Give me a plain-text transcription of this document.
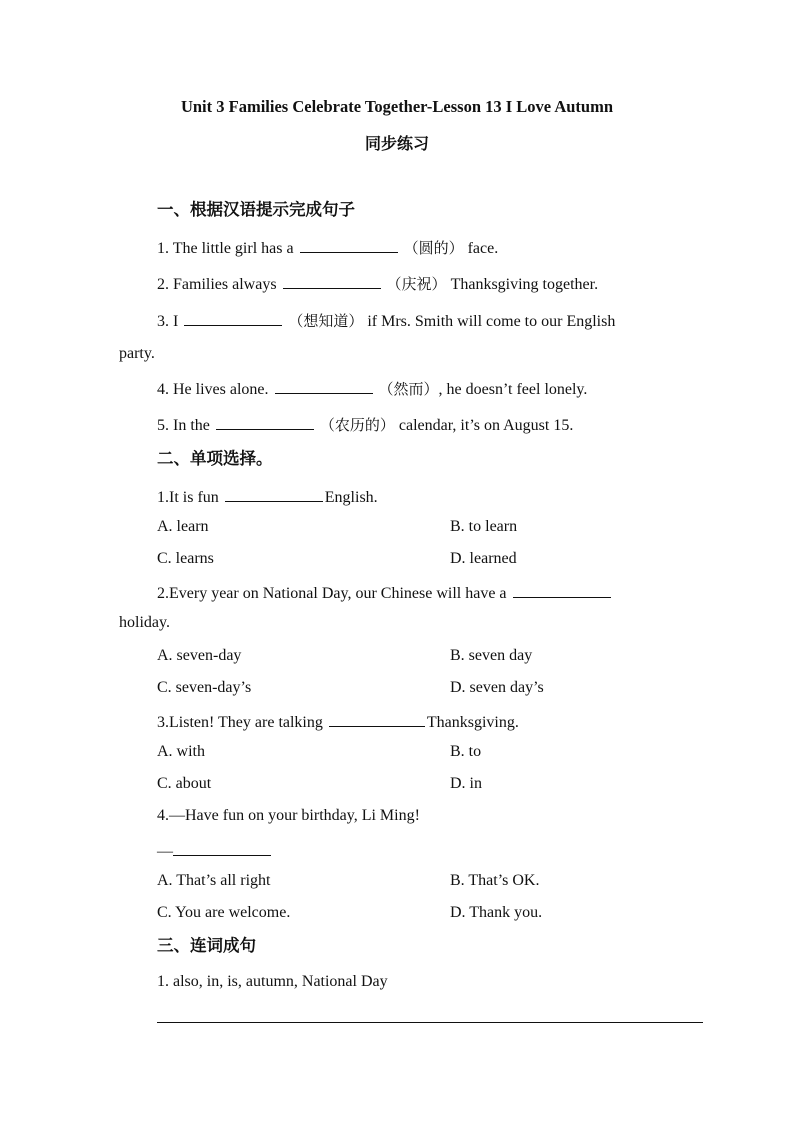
Unit 3 Families Celebrate Together-Lesson 13 I Love Autumn
同步练习
一、根据汉语提示完成句子
1. The little girl has a	（圆的） face.
2. Families always	（庆祝） Thanksgiving together.
3. I	（想知道） if Mrs. Smith will come to our English
party.
4. He lives alone.	（然而）, he doesn’t feel lonely.
5. In the	（农历的） calendar, it’s on August 15.
二、单项选择。
1.It is fun	English.
A. learn	B. to learn
C. learns	D. learned
2.Every year on National Day, our Chinese will have a
holiday.
A. seven-day	B. seven day
C. seven-day’s	D. seven day’s
3.Listen! They are talking	Thanksgiving.
A. with	B. to
C. about	D. in
4.—Have fun on your birthday, Li Ming!
—
A. That’s all right	B. That’s OK.
C. You are welcome.	D. Thank you.
三、连词成句
1. also, in, is, autumn, National Day
